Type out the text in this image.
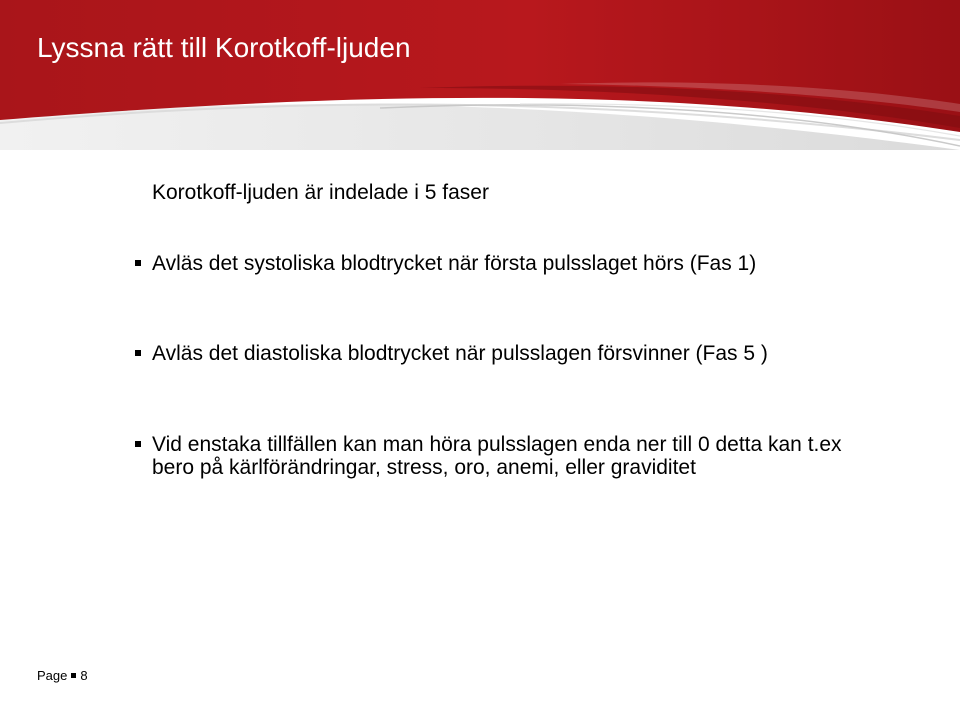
Lyssna rätt till Korotkoff-ljuden

Korotkoff-ljuden är indelade i 5 faser

Avläs det systoliska blodtrycket när första pulsslaget hörs (Fas 1)
Avläs det diastoliska blodtrycket när pulsslagen försvinner (Fas 5 )
Vid enstaka tillfällen kan man höra pulsslagen enda ner till 0 detta kan t.ex bero på kärlförändringar, stress, oro, anemi, eller graviditet
Page 8
